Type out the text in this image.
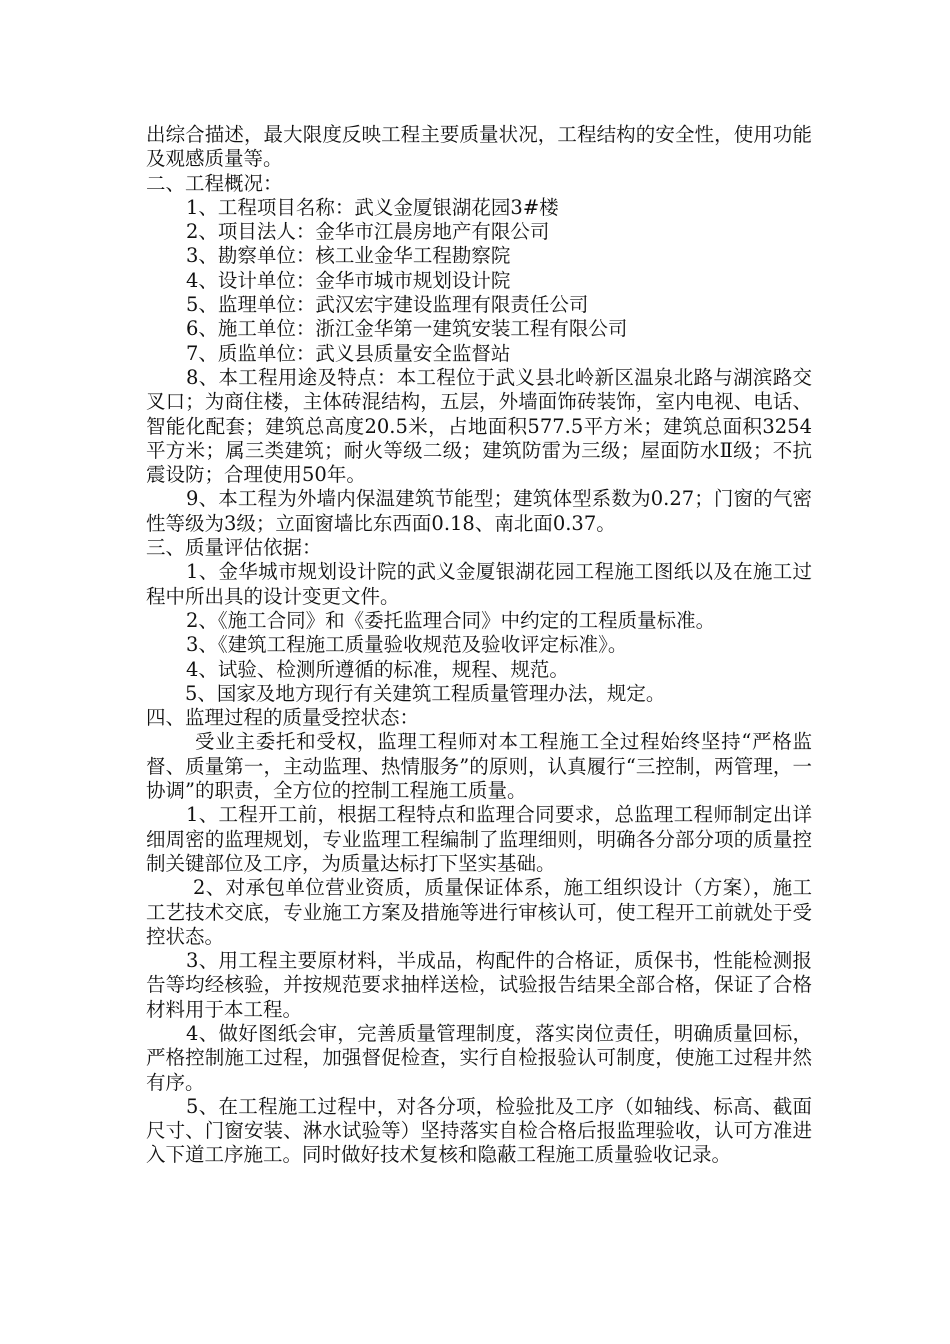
出综合描述，最大限度反映工程主要质量状况，工程结构的安全性，使用功能及观感质量等。

二、工程概况：

1、工程项目名称：武义金厦银湖花园3#楼

2、项目法人：金华市江晨房地产有限公司

3、勘察单位：核工业金华工程勘察院

4、设计单位：金华市城市规划设计院

5、监理单位：武汉宏宇建设监理有限责任公司

6、施工单位：浙江金华第一建筑安装工程有限公司

7、质监单位：武义县质量安全监督站

8、本工程用途及特点：本工程位于武义县北岭新区温泉北路与湖滨路交叉口；为商住楼，主体砖混结构，五层，外墙面饰砖装饰，室内电视、电话、智能化配套；建筑总高度20.5米，占地面积577.5平方米；建筑总面积3254平方米；属三类建筑；耐火等级二级；建筑防雷为三级；屋面防水Ⅱ级；不抗震设防；合理使用50年。

9、本工程为外墙内保温建筑节能型；建筑体型系数为0.27；门窗的气密性等级为3级；立面窗墙比东西面0.18、南北面0.37。

三、质量评估依据：

1、金华城市规划设计院的武义金厦银湖花园工程施工图纸以及在施工过程中所出具的设计变更文件。

2、《施工合同》和《委托监理合同》中约定的工程质量标准。

3、《建筑工程施工质量验收规范及验收评定标准》。

4、试验、检测所遵循的标准，规程、规范。

5、国家及地方现行有关建筑工程质量管理办法，规定。

四、监理过程的质量受控状态：

受业主委托和受权，监理工程师对本工程施工全过程始终坚持“严格监督、质量第一，主动监理、热情服务”的原则，认真履行“三控制，两管理，一协调”的职责，全方位的控制工程施工质量。

1、工程开工前，根据工程特点和监理合同要求，总监理工程师制定出详细周密的监理规划，专业监理工程编制了监理细则，明确各分部分项的质量控制关键部位及工序，为质量达标打下坚实基础。

2、对承包单位营业资质，质量保证体系，施工组织设计（方案），施工工艺技术交底，专业施工方案及措施等进行审核认可，使工程开工前就处于受控状态。

3、用工程主要原材料，半成品，构配件的合格证，质保书，性能检测报告等均经核验，并按规范要求抽样送检，试验报告结果全部合格，保证了合格材料用于本工程。

4、做好图纸会审，完善质量管理制度，落实岗位责任，明确质量回标，严格控制施工过程，加强督促检查，实行自检报验认可制度，使施工过程井然有序。

5、在工程施工过程中，对各分项，检验批及工序（如轴线、标高、截面尺寸、门窗安装、淋水试验等）坚持落实自检合格后报监理验收，认可方准进入下道工序施工。同时做好技术复核和隐蔽工程施工质量验收记录。
